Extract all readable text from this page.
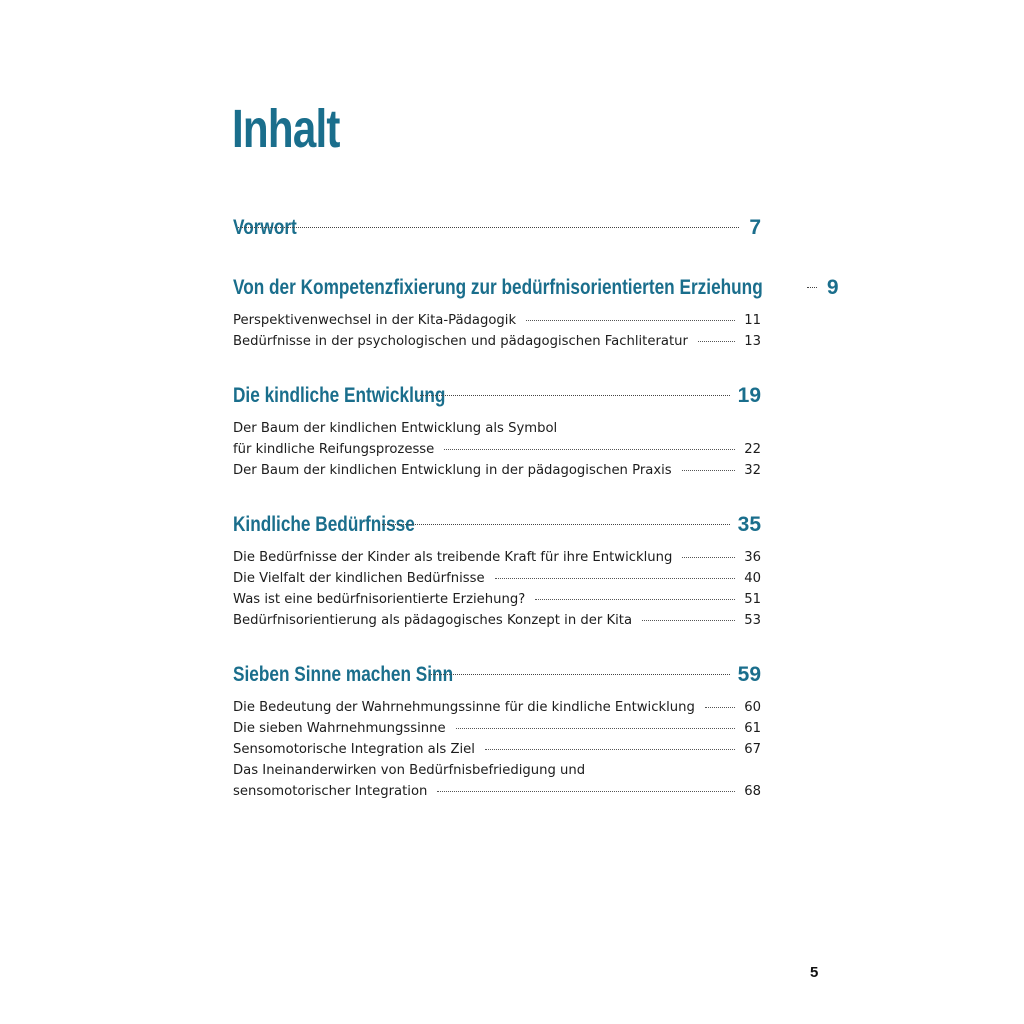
Inhalt
Vorwort	7
Von der Kompetenzfixierung zur bedürfnisorientierten Erziehung	9
Perspektivenwechsel in der Kita-Pädagogik	11
Bedürfnisse in der psychologischen und pädagogischen Fachliteratur	13
Die kindliche Entwicklung	19
Der Baum der kindlichen Entwicklung als Symbol
für kindliche Reifungsprozesse	22
Der Baum der kindlichen Entwicklung in der pädagogischen Praxis	32
Kindliche Bedürfnisse	35
Die Bedürfnisse der Kinder als treibende Kraft für ihre Entwicklung	36
Die Vielfalt der kindlichen Bedürfnisse	40
Was ist eine bedürfnisorientierte Erziehung?	51
Bedürfnisorientierung als pädagogisches Konzept in der Kita	53
Sieben Sinne machen Sinn	59
Die Bedeutung der Wahrnehmungssinne für die kindliche Entwicklung	60
Die sieben Wahrnehmungssinne	61
Sensomotorische Integration als Ziel	67
Das Ineinanderwirken von Bedürfnisbefriedigung und
sensomotorischer Integration	68
5
